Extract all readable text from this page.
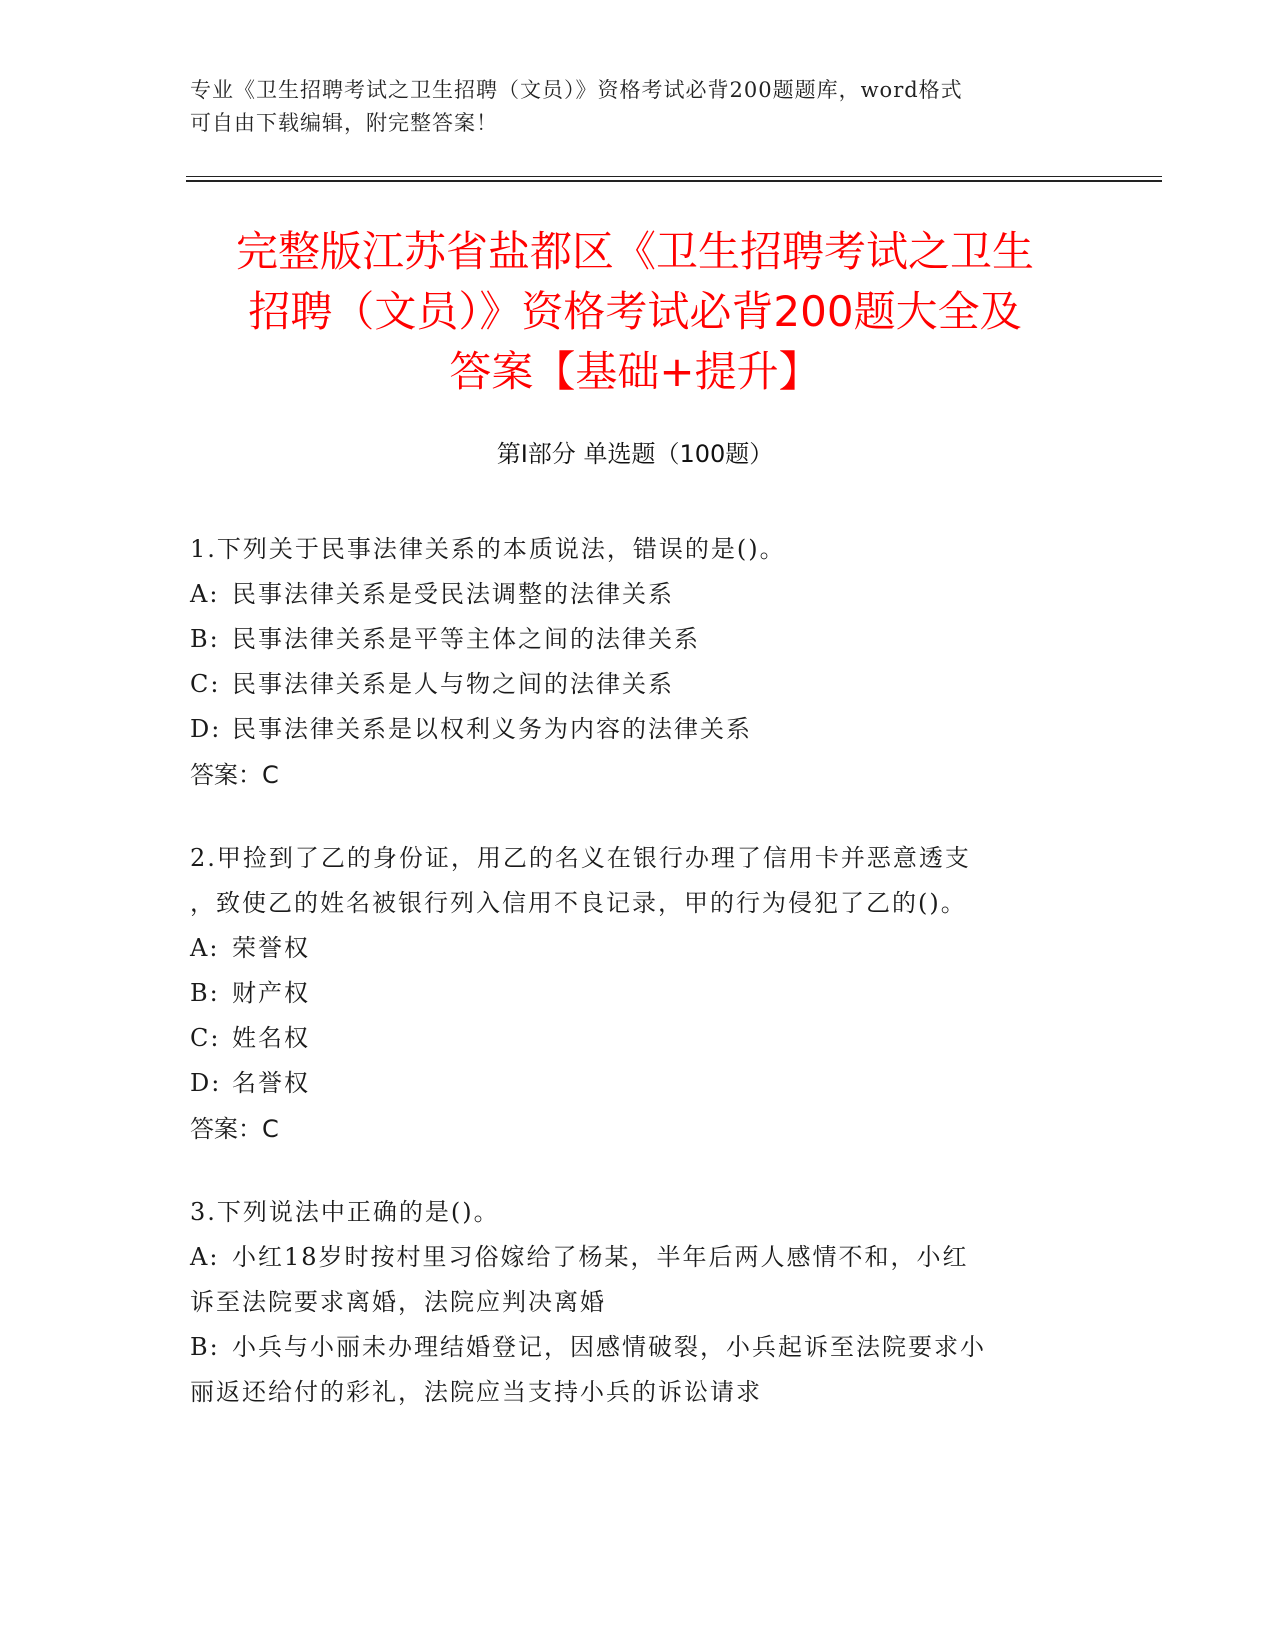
专业《卫生招聘考试之卫生招聘（文员）》资格考试必背200题题库，word格式
可自由下载编辑，附完整答案！
完整版江苏省盐都区《卫生招聘考试之卫生
招聘（文员）》资格考试必背200题大全及
答案【基础+提升】
第Ⅰ部分 单选题（100题）

1.下列关于民事法律关系的本质说法，错误的是()。

A: 民事法律关系是受民法调整的法律关系

B: 民事法律关系是平等主体之间的法律关系

C: 民事法律关系是人与物之间的法律关系

D: 民事法律关系是以权利义务为内容的法律关系

答案：C

2.甲捡到了乙的身份证，用乙的名义在银行办理了信用卡并恶意透支

，致使乙的姓名被银行列入信用不良记录，甲的行为侵犯了乙的()。

A: 荣誉权

B: 财产权

C: 姓名权

D: 名誉权

答案：C

3.下列说法中正确的是()。

A: 小红18岁时按村里习俗嫁给了杨某，半年后两人感情不和，小红

诉至法院要求离婚，法院应判决离婚

B: 小兵与小丽未办理结婚登记，因感情破裂，小兵起诉至法院要求小

丽返还给付的彩礼，法院应当支持小兵的诉讼请求
